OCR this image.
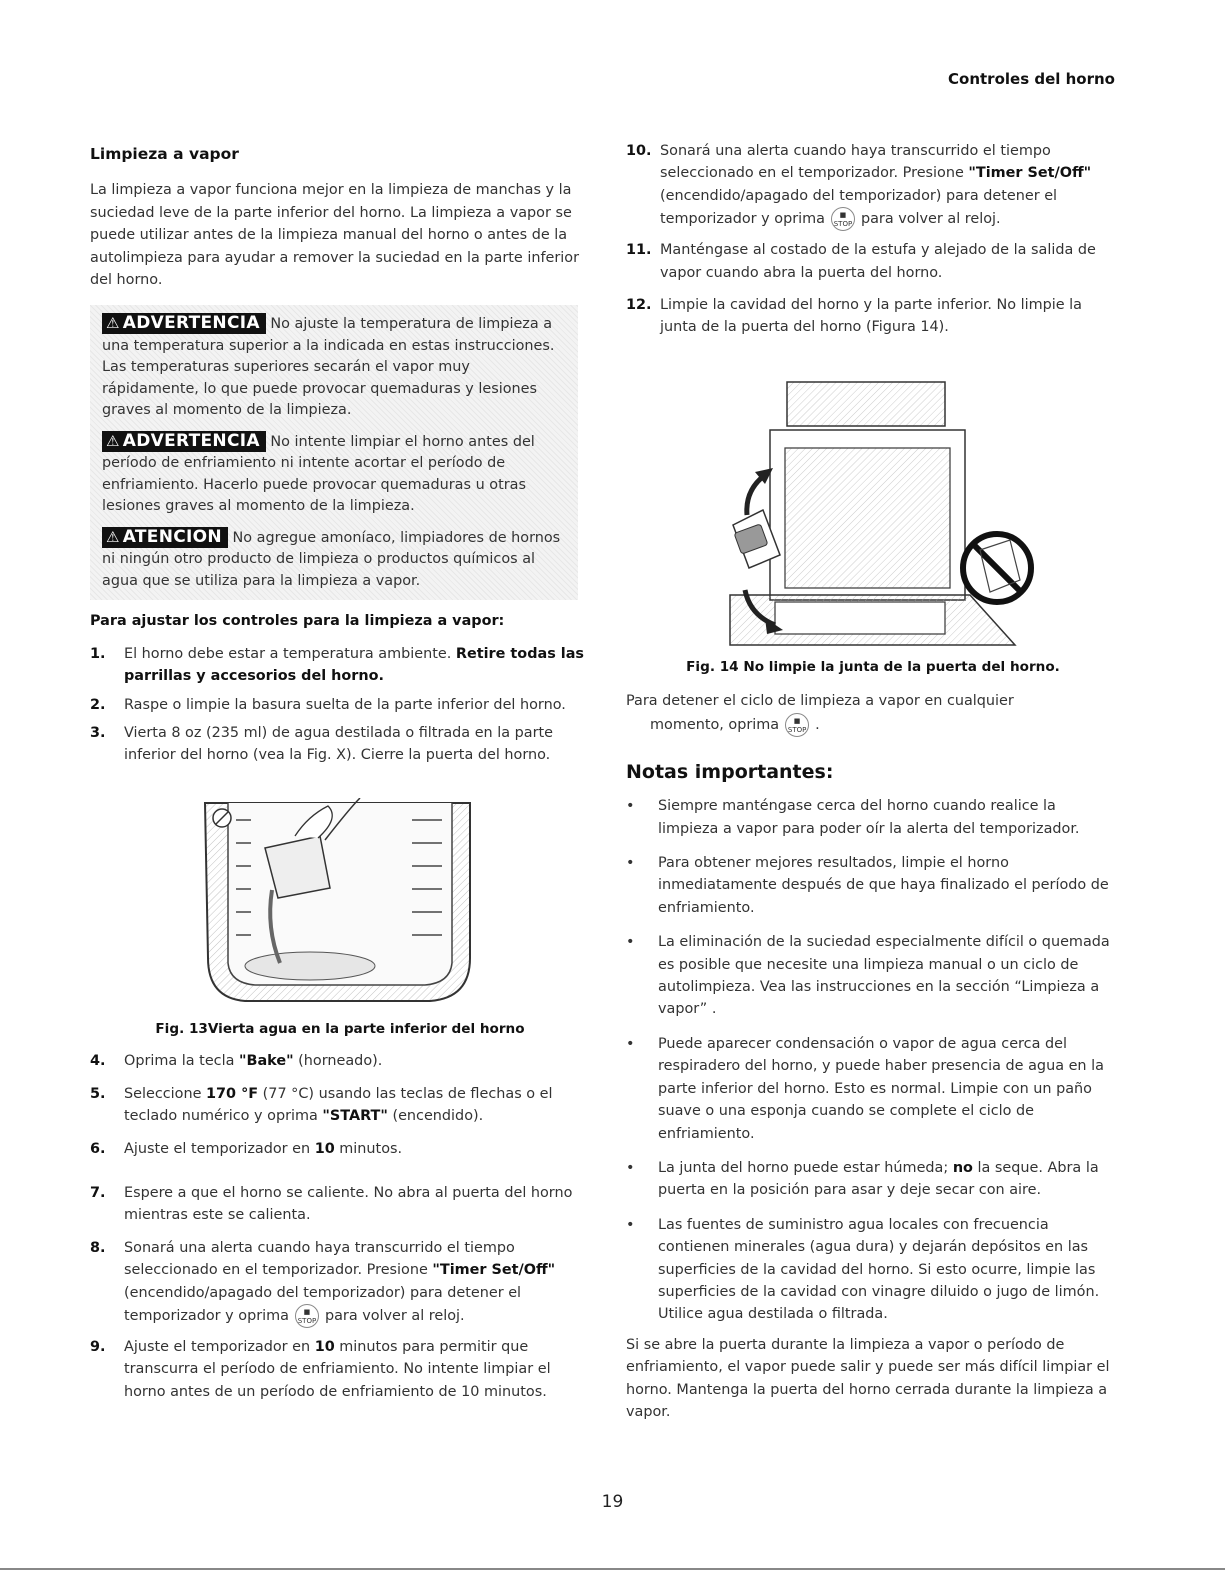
Controles del horno
Limpieza a vapor

La limpieza a vapor funciona mejor en la limpieza de manchas y la suciedad leve de la parte inferior del horno. La limpieza a vapor se puede utilizar antes de la limpieza manual del horno o antes de la autolimpieza para ayudar a remover la suciedad en la parte inferior del horno.

⚠ ADVERTENCIA No ajuste la temperatura de limpieza a una temperatura superior a la indicada en estas instrucciones. Las temperaturas superiores secarán el vapor muy rápidamente, lo que puede provocar quemaduras y lesiones graves al momento de la limpieza.

⚠ ADVERTENCIA No intente limpiar el horno antes del período de enfriamiento ni intente acortar el período de enfriamiento. Hacerlo puede provocar quemaduras u otras lesiones graves al momento de la limpieza.

⚠ ATENCION No agregue amoníaco, limpiadores de hornos ni ningún otro producto de limpieza o productos químicos al agua que se utiliza para la limpieza a vapor.

Para ajustar los controles para la limpieza a vapor:

1. El horno debe estar a temperatura ambiente. Retire todas las parrillas y accesorios del horno.
2. Raspe o limpie la basura suelta de la parte inferior del horno.
3. Vierta 8 oz (235 ml) de agua destilada o filtrada en la parte inferior del horno (vea la Fig. X). Cierre la puerta del horno.
Fig. 13Vierta agua en la parte inferior del horno
4. Oprima la tecla "Bake" (horneado).
5. Seleccione 170 °F (77 °C) usando las teclas de flechas o el teclado numérico y oprima "START" (encendido).
6. Ajuste el temporizador en 10 minutos.
7. Espere a que el horno se caliente. No abra al puerta del horno mientras este se calienta.
8. Sonará una alerta cuando haya transcurrido el tiempo seleccionado en el temporizador. Presione "Timer Set/Off" (encendido/apagado del temporizador) para detener el temporizador y oprima ■
STOP para volver al reloj.
9. Ajuste el temporizador en 10 minutos para permitir que transcurra el período de enfriamiento. No intente limpiar el horno antes de un período de enfriamiento de 10 minutos.
10. Sonará una alerta cuando haya transcurrido el tiempo seleccionado en el temporizador. Presione "Timer Set/Off" (encendido/apagado del temporizador) para detener el temporizador y oprima ■
STOP para volver al reloj.
11. Manténgase al costado de la estufa y alejado de la salida de vapor cuando abra la puerta del horno.
12. Limpie la cavidad del horno y la parte inferior. No limpie la junta de la puerta del horno (Figura 14).
Fig. 14 No limpie la junta de la puerta del horno.

Para detener el ciclo de limpieza a vapor en cualquier
momento, oprima ■
STOP .

Notas importantes:
• Siempre manténgase cerca del horno cuando realice la limpieza a vapor para poder oír la alerta del temporizador.
• Para obtener mejores resultados, limpie el horno inmediatamente después de que haya finalizado el período de enfriamiento.
• La eliminación de la suciedad especialmente difícil o quemada es posible que necesite una limpieza manual o un ciclo de autolimpieza. Vea las instrucciones en la sección “Limpieza a vapor” .
• Puede aparecer condensación o vapor de agua cerca del respiradero del horno, y puede haber presencia de agua en la parte inferior del horno. Esto es normal. Limpie con un paño suave o una esponja cuando se complete el ciclo de enfriamiento.
• La junta del horno puede estar húmeda; no la seque. Abra la puerta en la posición para asar y deje secar con aire.
• Las fuentes de suministro agua locales con frecuencia contienen minerales (agua dura) y dejarán depósitos en las superficies de la cavidad del horno. Si esto ocurre, limpie las superficies de la cavidad con vinagre diluido o jugo de limón. Utilice agua destilada o filtrada.

Si se abre la puerta durante la limpieza a vapor o período de enfriamiento, el vapor puede salir y puede ser más difícil limpiar el horno. Mantenga la puerta del horno cerrada durante la limpieza a vapor.

19
